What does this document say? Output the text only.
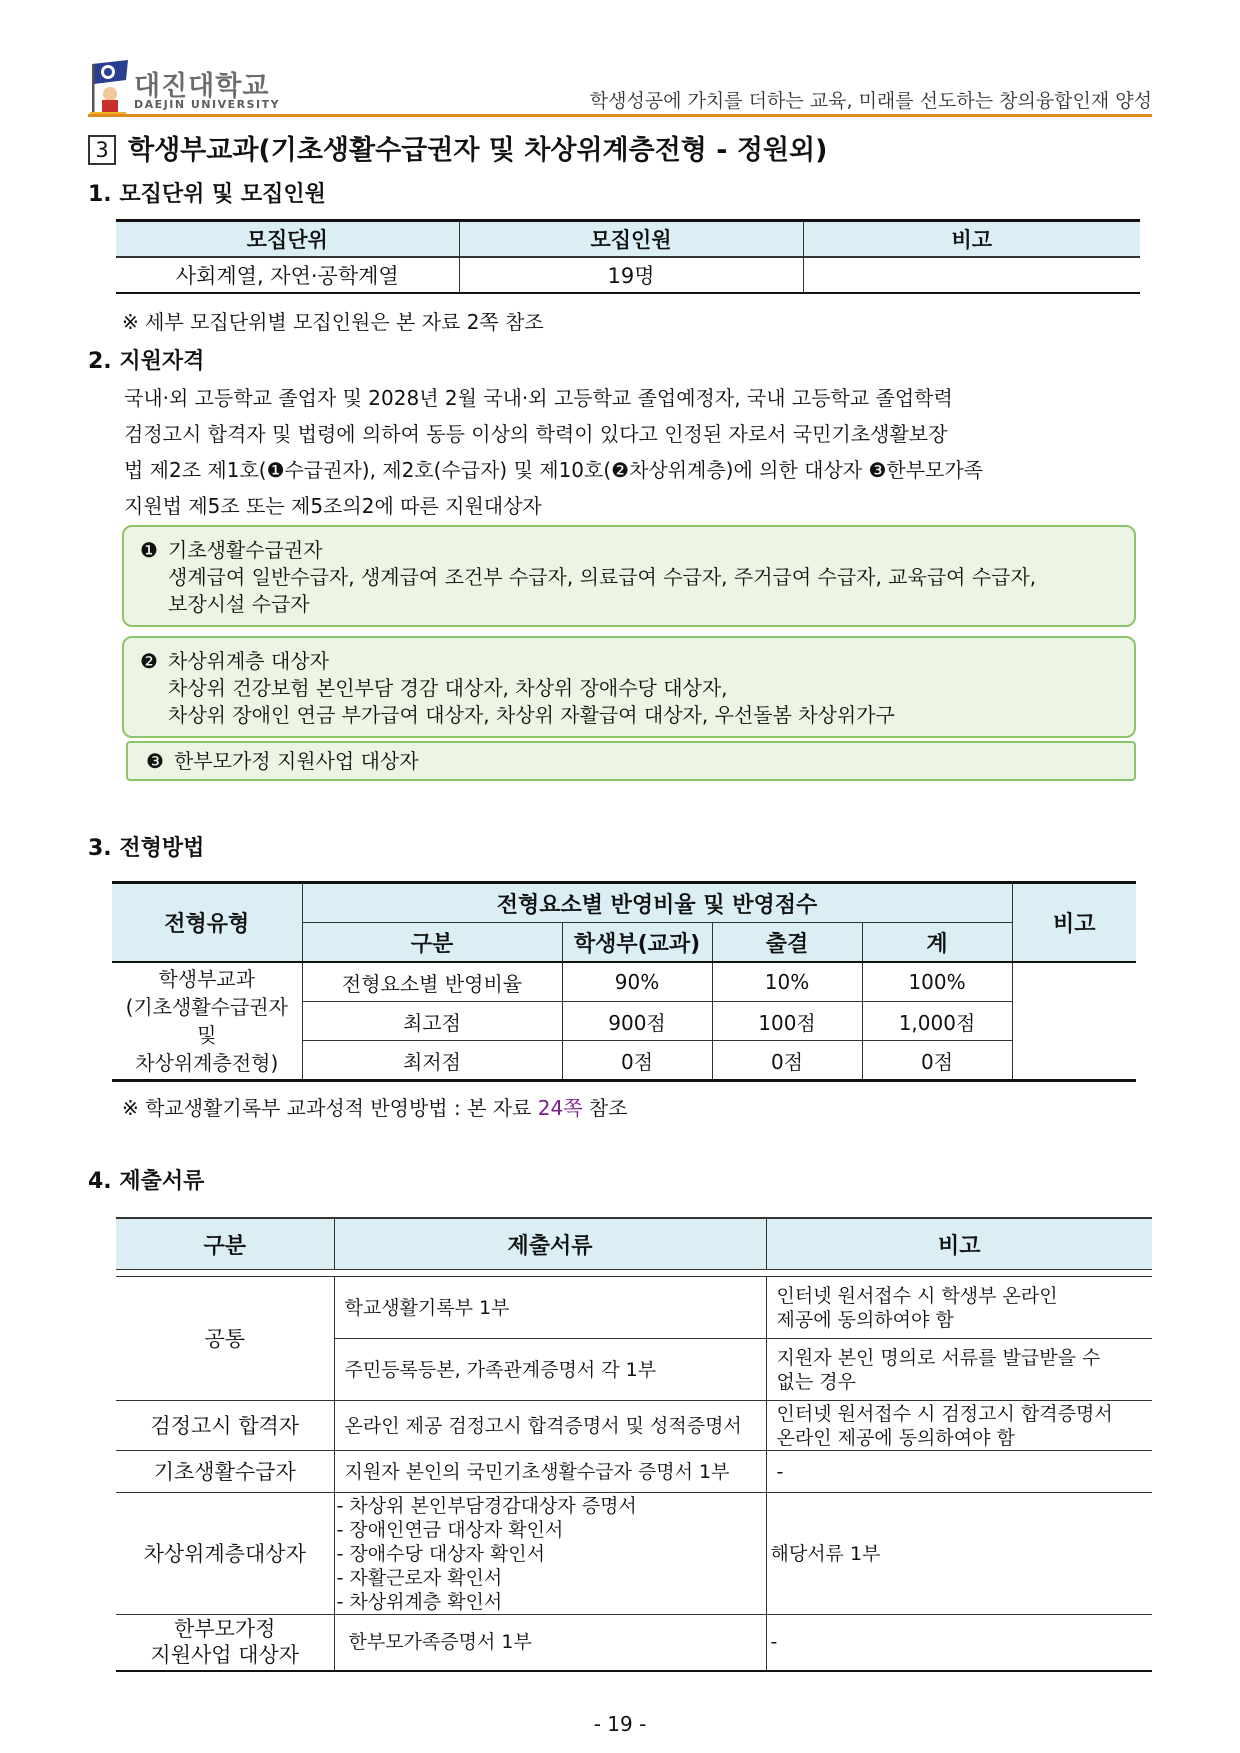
대진대학교
DAEJIN UNIVERSITY	학생성공에 가치를 더하는 교육, 미래를 선도하는 창의융합인재 양성
3 학생부교과(기초생활수급권자 및 차상위계층전형 - 정원외)
1. 모집단위 및 모집인원
모집단위	모집인원	비고
사회계열, 자연·공학계열	19명	
※ 세부 모집단위별 모집인원은 본 자료 2쪽 참조
2. 지원자격
국내·외 고등학교 졸업자 및 2028년 2월 국내·외 고등학교 졸업예정자, 국내 고등학교 졸업학력
검정고시 합격자 및 법령에 의하여 동등 이상의 학력이 있다고 인정된 자로서 국민기초생활보장
법 제2조 제1호(❶수급권자), 제2호(수급자) 및 제10호(❷차상위계층)에 의한 대상자 ❸한부모가족
지원법 제5조 또는 제5조의2에 따른 지원대상자
❶ 기초생활수급권자
생계급여 일반수급자, 생계급여 조건부 수급자, 의료급여 수급자, 주거급여 수급자, 교육급여 수급자,
보장시설 수급자
❷ 차상위계층 대상자
차상위 건강보험 본인부담 경감 대상자, 차상위 장애수당 대상자,
차상위 장애인 연금 부가급여 대상자, 차상위 자활급여 대상자, 우선돌봄 차상위가구
❸ 한부모가정 지원사업 대상자
3. 전형방법
전형유형	전형요소별 반영비율 및 반영점수				비고
	구분	학생부(교과)	출결	계	

학생부교과
(기초생활수급권자
및
차상위계층전형)	전형요소별 반영비율	90%	10%	100%	
	최고점	900점	100점	1,000점	
	최저점	0점	0점	0점	
※ 학교생활기록부 교과성적 반영방법 : 본 자료 24쪽 참조
4. 제출서류
구분	제출서류	비고

공통	학교생활기록부 1부	인터넷 원서접수 시 학생부 온라인
제공에 동의하여야 함

	주민등록등본, 가족관계증명서 각 1부	지원자 본인 명의로 서류를 발급받을 수
없는 경우

검정고시 합격자	온라인 제공 검정고시 합격증명서 및 성적증명서	인터넷 원서접수 시 검정고시 합격증명서
온라인 제공에 동의하여야 함

기초생활수급자	지원자 본인의 국민기초생활수급자 증명서 1부	-
차상위계층대상자	- 차상위 본인부담경감대상자 증명서
- 장애인연금 대상자 확인서
- 장애수당 대상자 확인서
- 자활근로자 확인서
- 차상위계층 확인서	해당서류 1부

한부모가정
지원사업 대상자	한부모가족증명서 1부	-
- 19 -
